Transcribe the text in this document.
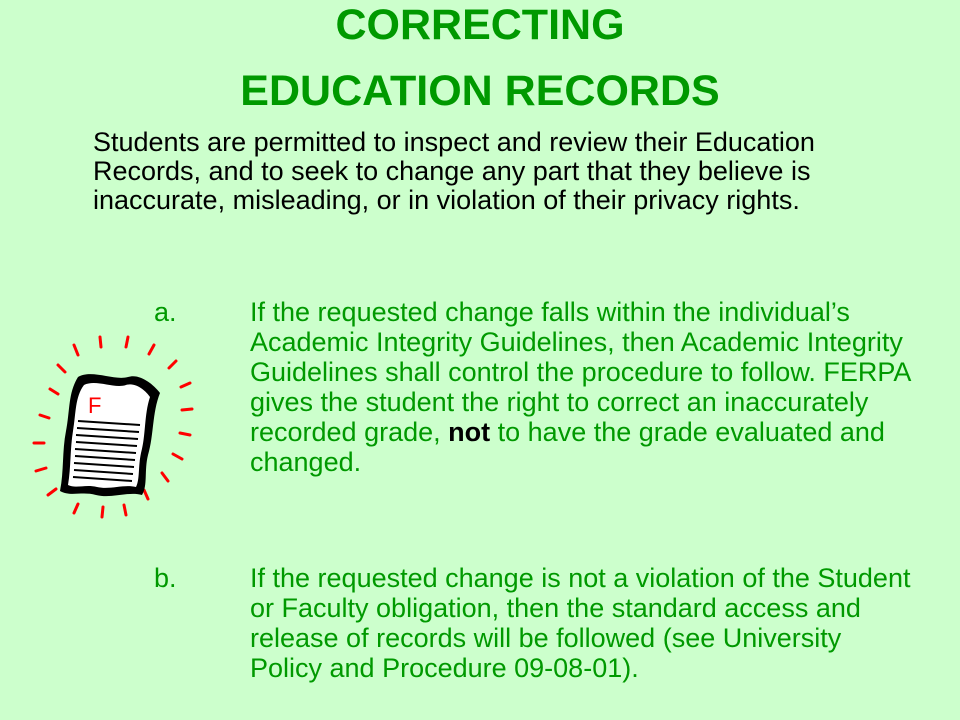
CORRECTING
EDUCATION RECORDS

Students are permitted to inspect and review their Education Records, and to seek to change any part that they believe is inaccurate, misleading, or in violation of their privacy rights.

a.	If the requested change falls within the individual’s Academic Integrity Guidelines, then Academic Integrity Guidelines shall control the procedure to follow. FERPA gives the student the right to correct an inaccurately recorded grade, not to have the grade evaluated and changed.
b.	If the requested change is not a violation of the Student or Faculty obligation, then the standard access and release of records will be followed (see University Policy and Procedure 09-08-01).
F
